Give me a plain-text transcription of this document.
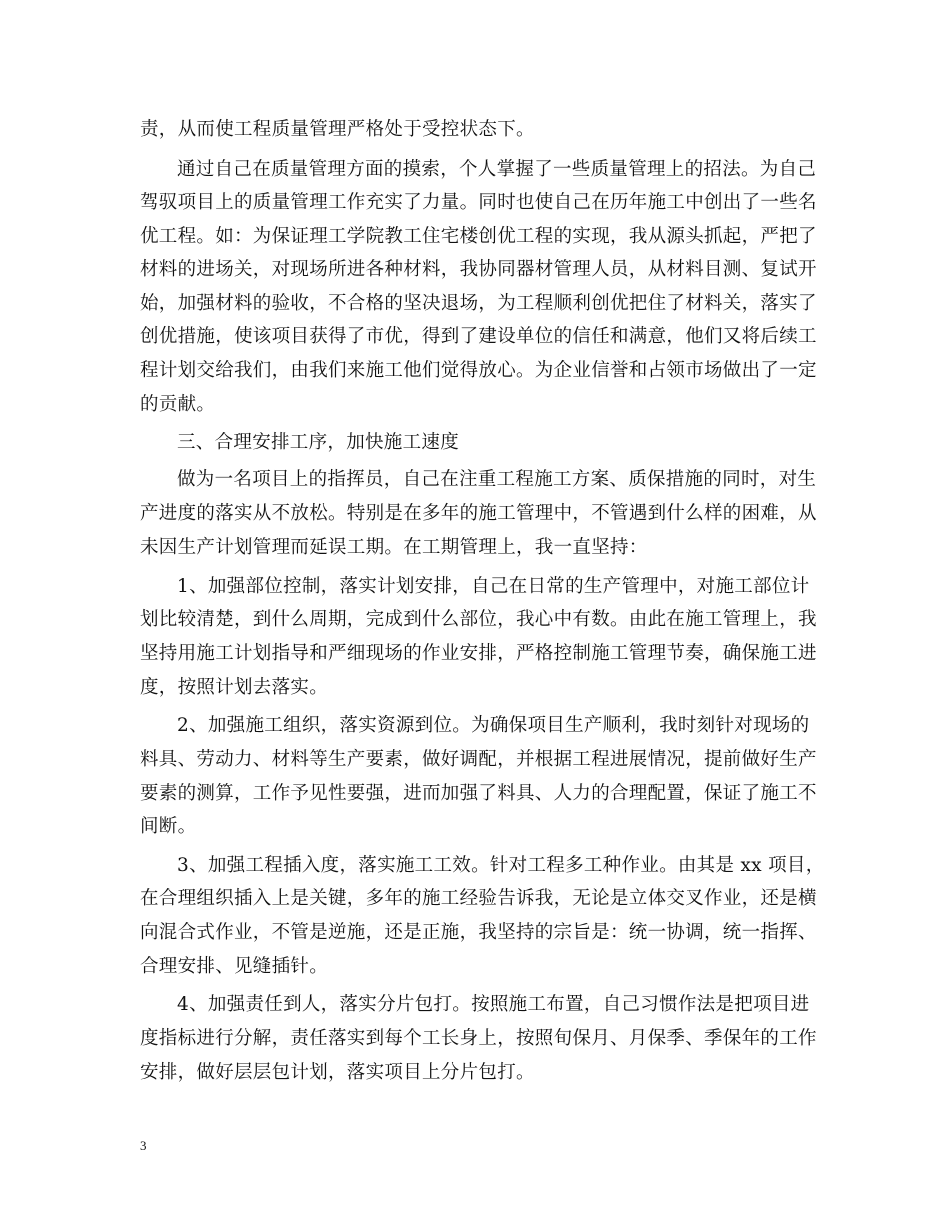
责，从而使工程质量管理严格处于受控状态下。
通过自己在质量管理方面的摸索，个人掌握了一些质量管理上的招法。为自己
驾驭项目上的质量管理工作充实了力量。同时也使自己在历年施工中创出了一些名
优工程。如：为保证理工学院教工住宅楼创优工程的实现，我从源头抓起，严把了
材料的进场关，对现场所进各种材料，我协同器材管理人员，从材料目测、复试开
始，加强材料的验收，不合格的坚决退场，为工程顺利创优把住了材料关，落实了
创优措施，使该项目获得了市优，得到了建设单位的信任和满意，他们又将后续工
程计划交给我们，由我们来施工他们觉得放心。为企业信誉和占领市场做出了一定
的贡献。
三、合理安排工序，加快施工速度
做为一名项目上的指挥员，自己在注重工程施工方案、质保措施的同时，对生
产进度的落实从不放松。特别是在多年的施工管理中，不管遇到什么样的困难，从
未因生产计划管理而延误工期。在工期管理上，我一直坚持：
1、加强部位控制，落实计划安排，自己在日常的生产管理中，对施工部位计
划比较清楚，到什么周期，完成到什么部位，我心中有数。由此在施工管理上，我
坚持用施工计划指导和严细现场的作业安排，严格控制施工管理节奏，确保施工进
度，按照计划去落实。
2、加强施工组织，落实资源到位。为确保项目生产顺利，我时刻针对现场的
料具、劳动力、材料等生产要素，做好调配，并根据工程进展情况，提前做好生产
要素的测算，工作予见性要强，进而加强了料具、人力的合理配置，保证了施工不
间断。
3、加强工程插入度，落实施工工效。针对工程多工种作业。由其是 xx 项目，
在合理组织插入上是关键，多年的施工经验告诉我，无论是立体交叉作业，还是横
向混合式作业，不管是逆施，还是正施，我坚持的宗旨是：统一协调，统一指挥、
合理安排、见缝插针。
4、加强责任到人，落实分片包打。按照施工布置，自己习惯作法是把项目进
度指标进行分解，责任落实到每个工长身上，按照旬保月、月保季、季保年的工作
安排，做好层层包计划，落实项目上分片包打。
3
